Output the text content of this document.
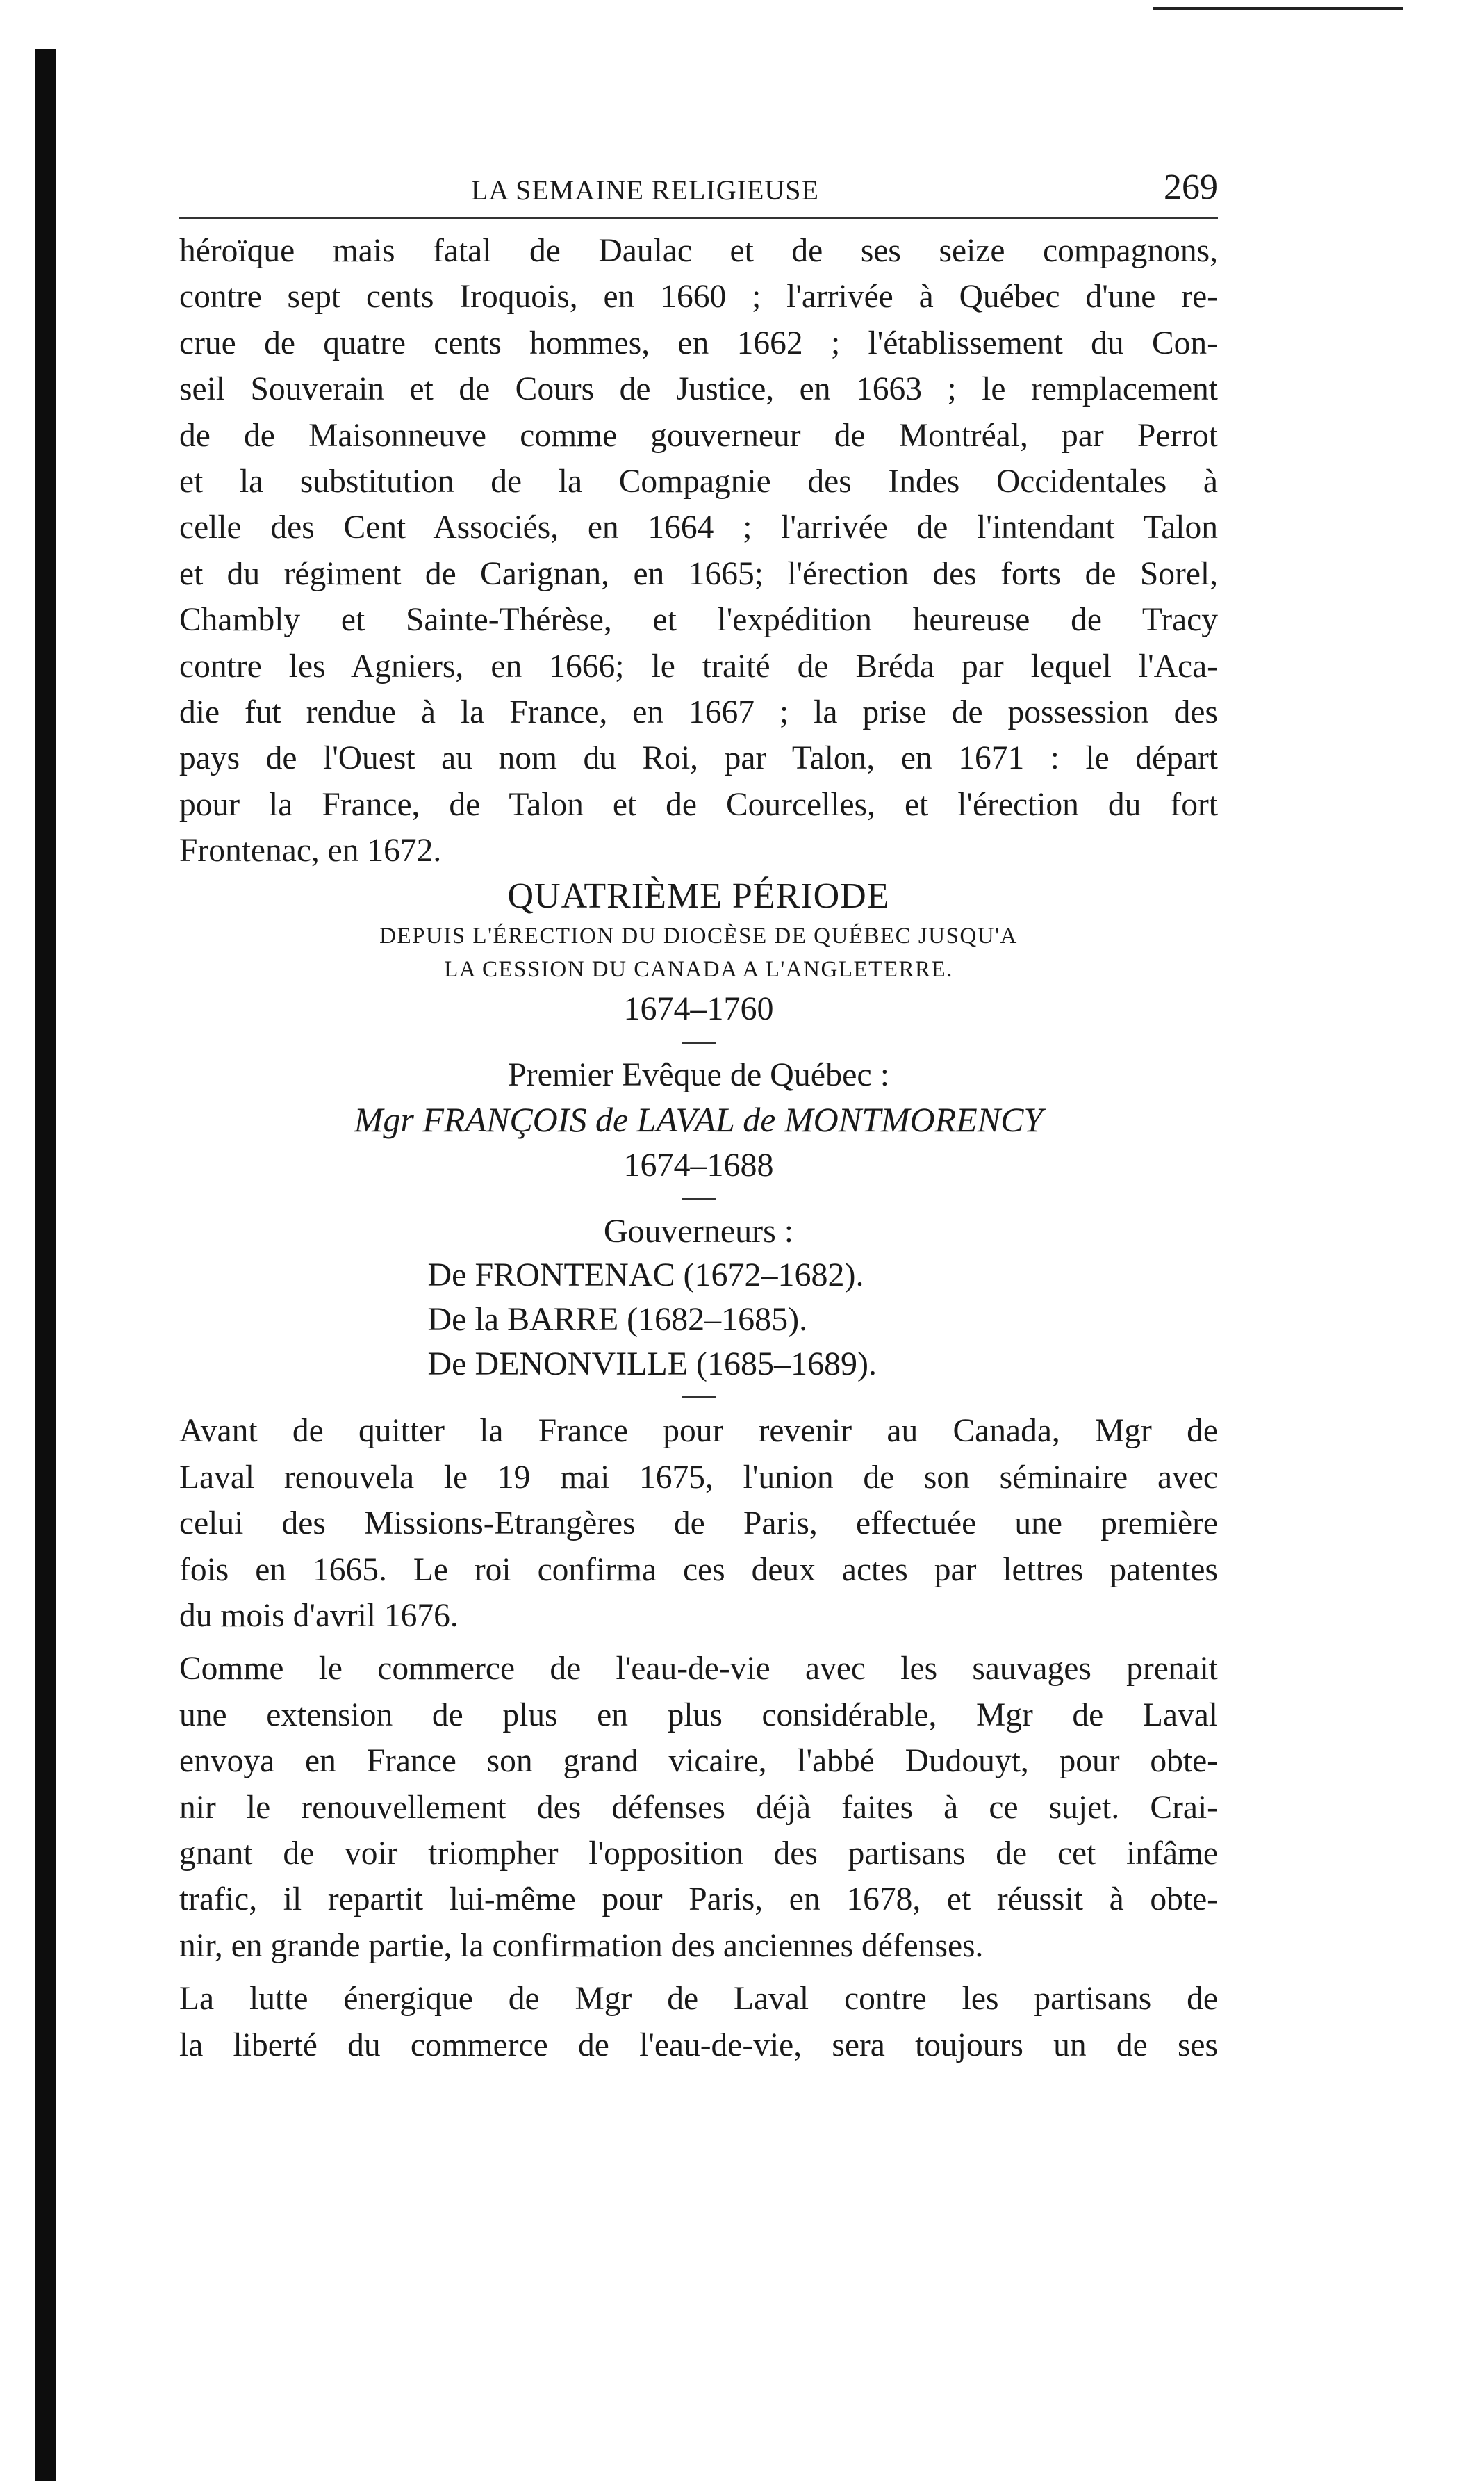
LA SEMAINE RELIGIEUSE	269
héroïque mais fatal de Daulac et de ses seize compagnons,
contre sept cents Iroquois, en 1660 ; l'arrivée à Québec d'une re-
crue de quatre cents hommes, en 1662 ; l'établissement du Con-
seil Souverain et de Cours de Justice, en 1663 ; le remplacement
de de Maisonneuve comme gouverneur de Montréal, par Perrot
et la substitution de la Compagnie des Indes Occidentales à
celle des Cent Associés, en 1664 ; l'arrivée de l'intendant Talon
et du régiment de Carignan, en 1665; l'érection des forts de Sorel,
Chambly et Sainte-Thérèse, et l'expédition heureuse de Tracy
contre les Agniers, en 1666; le traité de Bréda par lequel l'Aca-
die fut rendue à la France, en 1667 ; la prise de possession des
pays de l'Ouest au nom du Roi, par Talon, en 1671 : le départ
pour la France, de Talon et de Courcelles, et l'érection du fort
Frontenac, en 1672.
QUATRIÈME PÉRIODE
DEPUIS L'ÉRECTION DU DIOCÈSE DE QUÉBEC JUSQU'A
LA CESSION DU CANADA A L'ANGLETERRE.
1674–1760
Premier Evêque de Québec :
Mgr FRANÇOIS de LAVAL de MONTMORENCY
1674–1688
Gouverneurs :
De FRONTENAC (1672–1682).
De la BARRE (1682–1685).
De DENONVILLE (1685–1689).
Avant de quitter la France pour revenir au Canada, Mgr de
Laval renouvela le 19 mai 1675, l'union de son séminaire avec
celui des Missions-Etrangères de Paris, effectuée une première
fois en 1665. Le roi confirma ces deux actes par lettres patentes
du mois d'avril 1676.
Comme le commerce de l'eau-de-vie avec les sauvages prenait
une extension de plus en plus considérable, Mgr de Laval
envoya en France son grand vicaire, l'abbé Dudouyt, pour obte-
nir le renouvellement des défenses déjà faites à ce sujet. Crai-
gnant de voir triompher l'opposition des partisans de cet infâme
trafic, il repartit lui-même pour Paris, en 1678, et réussit à obte-
nir, en grande partie, la confirmation des anciennes défenses.
La lutte énergique de Mgr de Laval contre les partisans de
la liberté du commerce de l'eau-de-vie, sera toujours un de ses
